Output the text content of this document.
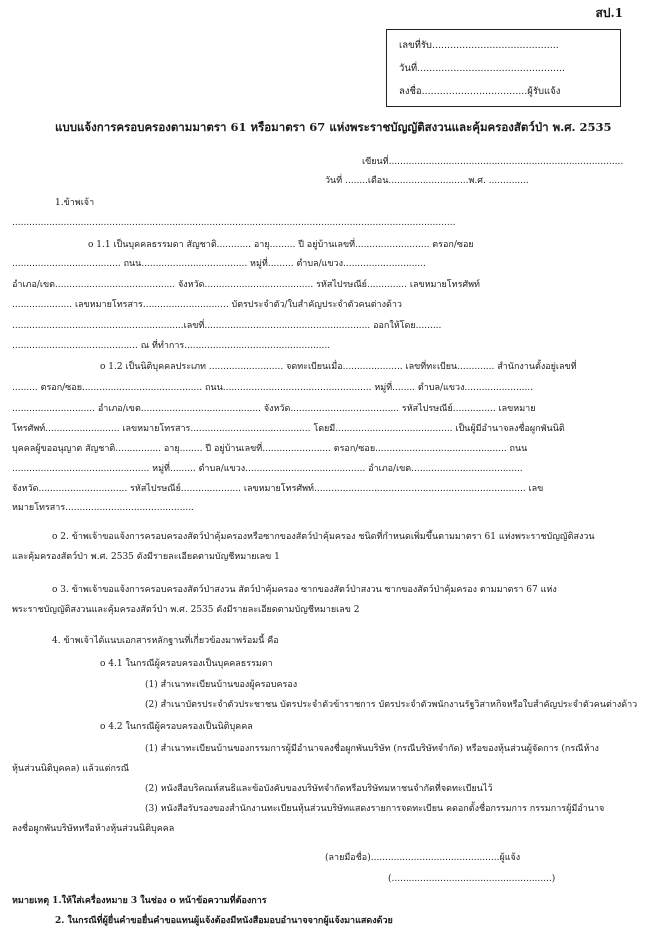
สป.1
เลขที่รับ..........................................
วันที่.................................................
ลงชื่อ...................................ผู้รับแจ้ง
แบบแจ้งการครอบครองตามมาตรา 61 หรือมาตรา 67 แห่งพระราชบัญญัติสงวนและคุ้มครองสัตว์ป่า พ.ศ. 2535
เขียนที่..................................................................................
วันที่ ........เดือน............................พ.ศ. ..............
1.ข้าพเจ้า
...........................................................................................................................................................
o 1.1 เป็นบุคคลธรรมดา สัญชาติ............ อายุ......... ปี อยู่บ้านเลขที่.......................... ตรอก/ซอย
...................................... ถนน..................................... หมู่ที่......... ตำบล/แขวง.............................
อำเภอ/เขต.......................................... จังหวัด...................................... รหัสไปรษณีย์.............. เลขหมายโทรศัพท์
..................... เลขหมายโทรสาร.............................. บัตรประจำตัว/ใบสำคัญประจำตัวคนต่างด้าว
............................................................เลขที่.......................................................... ออกให้โดย.........
............................................ ณ ที่ทำการ...................................................
o 1.2 เป็นนิติบุคคลประเภท .......................... จดทะเบียนเมื่อ..................... เลขที่ทะเบียน............. สำนักงานตั้งอยู่เลขที่
......... ตรอก/ซอย.......................................... ถนน.................................................... หมู่ที่........ ตำบล/แขวง........................
............................. อำเภอ/เขต.......................................... จังหวัด...................................... รหัสไปรษณีย์............... เลขหมาย
โทรศัพท์.......................... เลขหมายโทรสาร.......................................... โดยมี......................................... เป็นผู้มีอำนาจลงชื่อผูกพันนิติ
บุคคลผู้ขออนุญาต สัญชาติ................ อายุ........ ปี อยู่บ้านเลขที่........................ ตรอก/ซอย.............................................. ถนน
................................................ หมู่ที่......... ตำบล/แขวง.......................................... อำเภอ/เขต.......................................
จังหวัด............................... รหัสไปรษณีย์..................... เลขหมายโทรศัพท์.......................................................................... เลข
หมายโทรสาร.............................................
o 2. ข้าพเจ้าขอแจ้งการครอบครองสัตว์ป่าคุ้มครองหรือซากของสัตว์ป่าคุ้มครอง ชนิดที่กำหนดเพิ่มขึ้นตามมาตรา 61 แห่งพระราชบัญญัติสงวน
และคุ้มครองสัตว์ป่า พ.ศ. 2535 ดังมีรายละเอียดตามบัญชีหมายเลข 1
o 3. ข้าพเจ้าขอแจ้งการครอบครองสัตว์ป่าสงวน สัตว์ป่าคุ้มครอง ซากของสัตว์ป่าสงวน ซากของสัตว์ป่าคุ้มครอง ตามมาตรา 67 แห่ง
พระราชบัญญัติสงวนและคุ้มครองสัตว์ป่า พ.ศ. 2535 ดังมีรายละเอียดตามบัญชีหมายเลข 2
4. ข้าพเจ้าได้แนบเอกสารหลักฐานที่เกี่ยวข้องมาพร้อมนี้ คือ
o 4.1 ในกรณีผู้ครอบครองเป็นบุคคลธรรมดา
(1) สำเนาทะเบียนบ้านของผู้ครอบครอง
(2) สำเนาบัตรประจำตัวประชาชน บัตรประจำตัวข้าราชการ บัตรประจำตัวพนักงานรัฐวิสาหกิจหรือใบสำคัญประจำตัวคนต่างด้าว
o 4.2 ในกรณีผู้ครอบครองเป็นนิติบุคคล
(1) สำเนาทะเบียนบ้านของกรรมการผู้มีอำนาจลงชื่อผูกพันบริษัท (กรณีบริษัทจำกัด) หรือของหุ้นส่วนผู้จัดการ (กรณีห้าง
หุ้นส่วนนิติบุคคล) แล้วแต่กรณี
(2) หนังสือบริคณห์สนธิและข้อบังคับของบริษัทจำกัดหรือบริษัทมหาชนจำกัดที่จดทะเบียนไว้
(3) หนังสือรับรองของสำนักงานทะเบียนหุ้นส่วนบริษัทแสดงรายการจดทะเบียน คดอกตั้งชื่อกรรมการ กรรมการผู้มีอำนาจ
ลงชื่อผูกพันบริษัทหรือห้างหุ้นส่วนนิติบุคคล
(ลายมือชื่อ).............................................ผู้แจ้ง
(........................................................)
หมายเหตุ 1.ให้ใส่เครื่องหมาย 3 ในช่อง o หน้าข้อความที่ต้องการ
2. ในกรณีที่ผู้ยื่นคำขอยื่นคำขอแทนผู้แจ้งต้องมีหนังสือมอบอำนาจจากผู้แจ้งมาแสดงด้วย
